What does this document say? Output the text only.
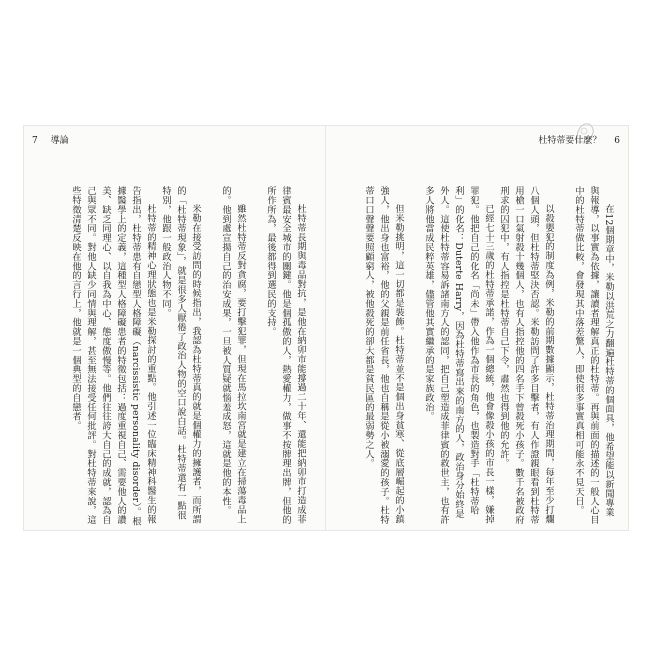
7 導論	杜特蒂要什麼？ 6

在12個期章中，米勒以洪荒之力翻遍杜特蒂的個面具，他希望能以新聞專業與報導，以事實為依據，讓讀者理解真正的杜特蒂。再與前面的描述的一般人心目中的杜特蒂做比較，會發現其中落差驚人，即使很多事實真相可能永不見天日。

以殺嬰犯的制度為例，米勒的前期數據顯示，杜特蒂治理期間，每年至少打爛八個人頭，但杜特蒂堅決否認。米勒訪問了許多目擊者，有人作證親眼看到杜特蒂用槍一口氣射殺十幾個人，也有人指控他的四名手下曾殺死小孩子。數千名被政府刑求的囚犯中，有人指控是杜特蒂自己下令，肅然也得到他的允許。

已經七十三歲的杜特蒂承諾，作為一個總統，他會像殺小孩的市長一樣，嫌掉罪犯。他把自己的化名「尚未」帶入他作為市長的角色，也製造對手「杜特蒂哈利」的化名：Duterte Harry，因為杜特蒂寫出來的南方的人，政治身分始終是外人。這使杜特蒂容易訴諸南方人的認同，把自己塑造成菲律賓的救世主，也有許多人將他當成民粹英雄，儘管他其實繼承的是家族政治。

但米勒挑明，這一切都是裝飾。杜特蒂並不是個出身貧寒、從底層崛起的小鎮強人，他出身也富裕，他的父親是前任省長，他也自稱是從小被溺愛的孩子。杜特蒂口口聲聲要照顧窮人，被他殺死的卻大都是貧民區的最弱勢之人。

杜特蒂長期與毒品對抗，是他在納卯市能撐過二十年、還能把納卯市打造成菲律賓最安全城市的關鍵。他是個孤傲的人，熱愛權力，做事不按牌理出牌，但他的所作所為，最後都得到選民的支持。

雖然杜特蒂反對貪腐，要打擊犯罪，但現在馬拉坎南宮就是建立在掃蕩毒品上的。他到處宣揚自己的治安成果，一旦被人質疑就惱羞成怒，這就是他的本性。

米勒在接受訪問的時候指出，我認為杜特蒂真的就是個權力的擁護者，而所謂的「杜特蒂現象」，就是很多人厭倦了政治人物的空口說白話。杜特蒂還有一點很特別，他跟一般政治人物不同。

杜特蒂的精神心理狀態也是米勒探討的重點。他引述一位臨床精神科醫生的報告指出，杜特蒂患有自戀型人格障礙（narcissistic personality disorder）。根據醫學上的定義，這種型人格障礙患者的特徵包括：過度重視自己、需要他人的讚美、缺乏同理心、以自我為中心、態度傲慢等。他們往往誇大自己的成就，認為自己與眾不同。對他人缺少同情與理解，甚至無法接受任何批評。對杜特蒂來說，這些特徵清楚反映在他的言行上，他就是一個典型的自戀者。
